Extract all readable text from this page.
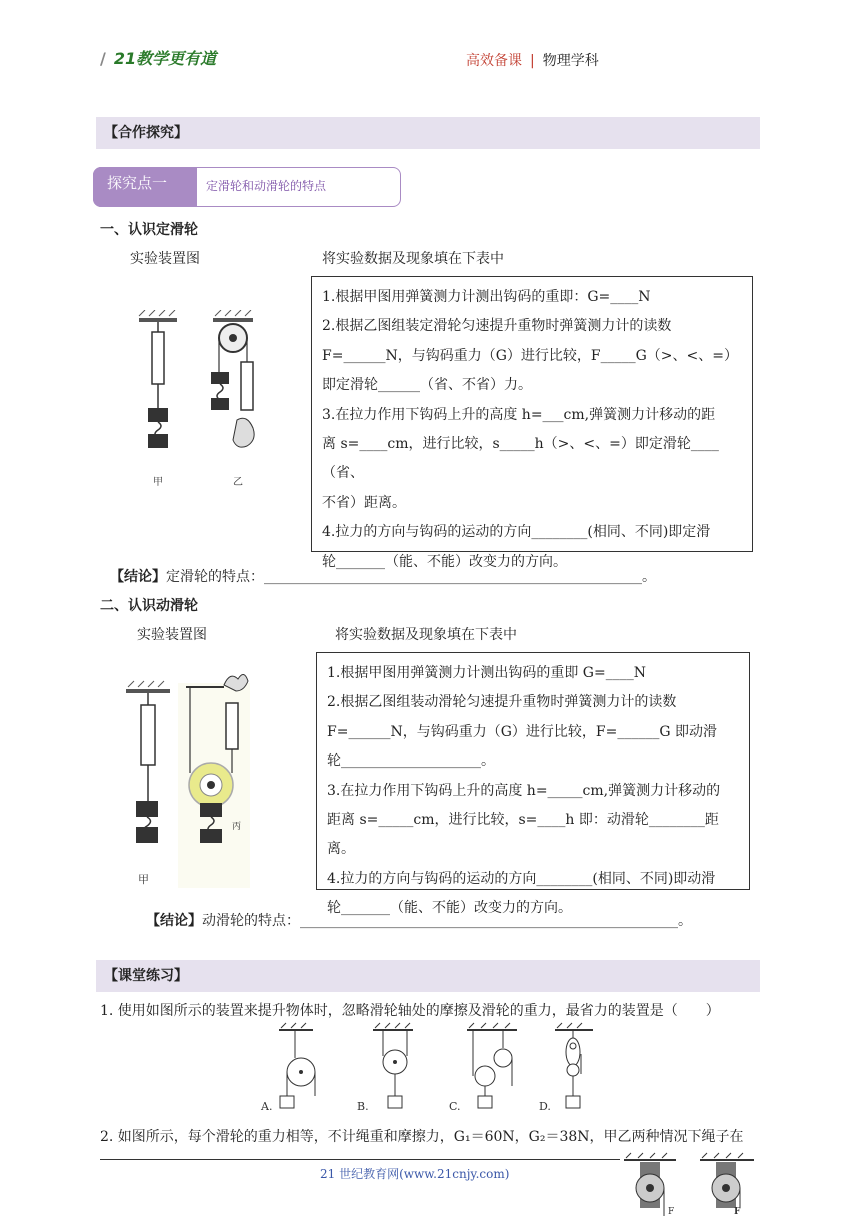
/ 21教学更有道	高效备课 | 物理学科
【合作探究】
探究点一	定滑轮和动滑轮的特点
一、认识定滑轮
实验装置图	将实验数据及现象填在下表中
甲	乙

1.根据甲图用弹簧测力计测出钩码的重即：G=____N

2.根据乙图组装定滑轮匀速提升重物时弹簧测力计的读数

F=______N，与钩码重力（G）进行比较，F_____G（>、<、=）

即定滑轮______（省、不省）力。

3.在拉力作用下钩码上升的高度 h=___cm,弹簧测力计移动的距

离 s=____cm，进行比较，s_____h（>、<、=）即定滑轮____（省、

不省）距离。

4.拉力的方向与钩码的运动的方向________(相同、不同)即定滑

轮_______（能、不能）改变力的方向。

【结论】定滑轮的特点：______________________________________________________。
二、认识动滑轮
实验装置图	将实验数据及现象填在下表中
甲
丙

1.根据甲图用弹簧测力计测出钩码的重即 G=____N

2.根据乙图组装动滑轮匀速提升重物时弹簧测力计的读数

F=______N，与钩码重力（G）进行比较，F=______G 即动滑

轮____________________。

3.在拉力作用下钩码上升的高度 h=_____cm,弹簧测力计移动的

距离 s=_____cm，进行比较，s=____h 即：动滑轮________距离。

4.拉力的方向与钩码的运动的方向________(相同、不同)即动滑

轮_______（能、不能）改变力的方向。

【结论】动滑轮的特点：______________________________________________________。
【课堂练习】
1. 使用如图所示的装置来提升物体时，忽略滑轮轴处的摩擦及滑轮的重力，最省力的装置是（　　）
A.	B.	C.	D.
2. 如图所示，每个滑轮的重力相等，不计绳重和摩擦力，G₁＝60N，G₂＝38N，甲乙两种情况下绳子在
21 世纪教育网(www.21cnjy.com)
F	F
